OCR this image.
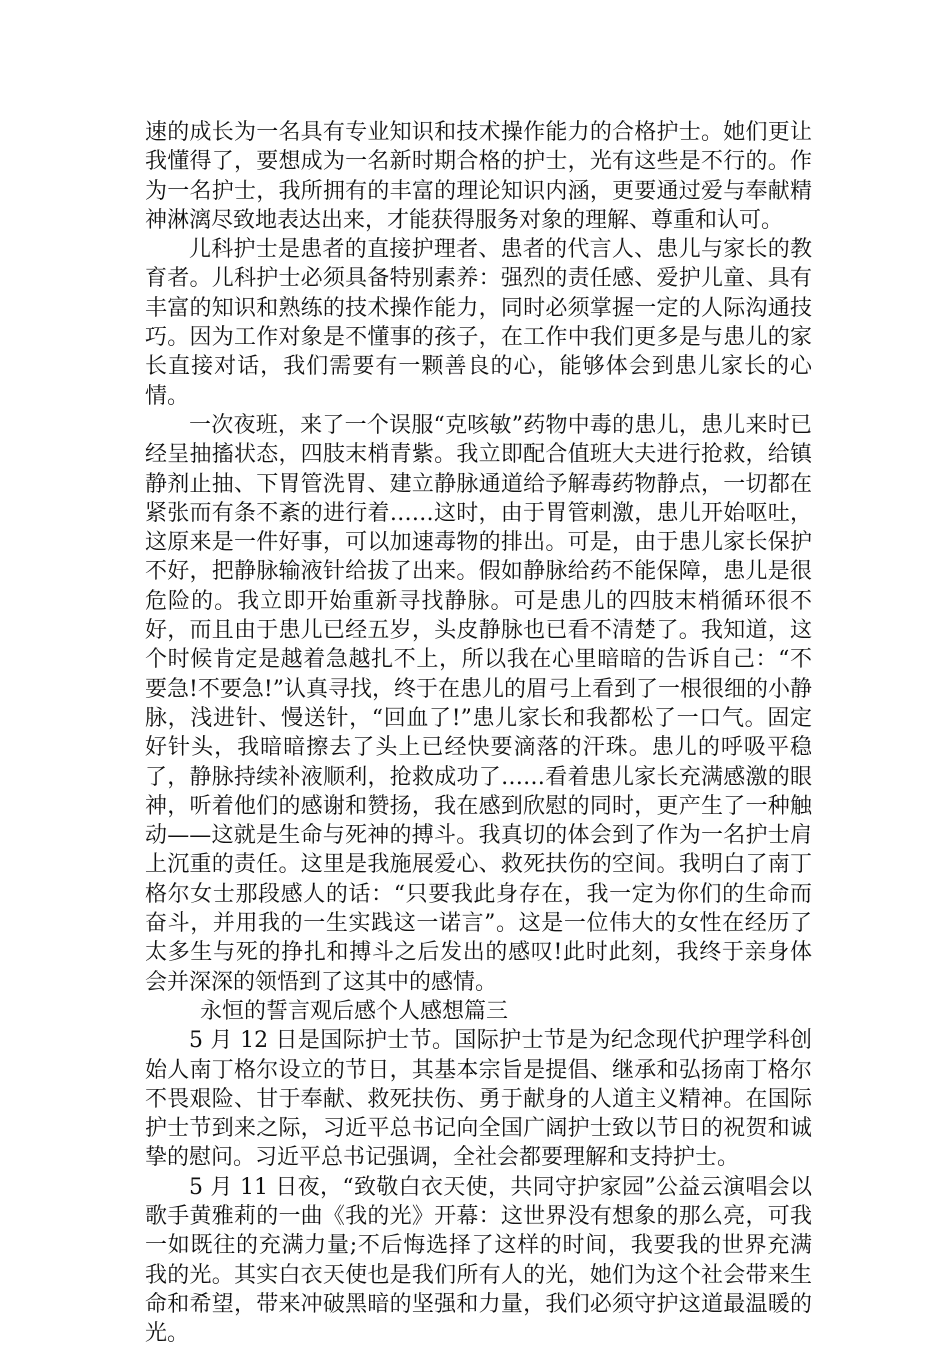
速的成长为一名具有专业知识和技术操作能力的合格护士。她们更让我懂得了，要想成为一名新时期合格的护士，光有这些是不行的。作为一名护士，我所拥有的丰富的理论知识内涵，更要通过爱与奉献精神淋漓尽致地表达出来，才能获得服务对象的理解、尊重和认可。

儿科护士是患者的直接护理者、患者的代言人、患儿与家长的教育者。儿科护士必须具备特别素养：强烈的责任感、爱护儿童、具有丰富的知识和熟练的技术操作能力，同时必须掌握一定的人际沟通技巧。因为工作对象是不懂事的孩子，在工作中我们更多是与患儿的家长直接对话，我们需要有一颗善良的心，能够体会到患儿家长的心情。

一次夜班，来了一个误服“克咳敏”药物中毒的患儿，患儿来时已经呈抽搐状态，四肢末梢青紫。我立即配合值班大夫进行抢救，给镇静剂止抽、下胃管洗胃、建立静脉通道给予解毒药物静点，一切都在紧张而有条不紊的进行着……这时，由于胃管刺激，患儿开始呕吐，这原来是一件好事，可以加速毒物的排出。可是，由于患儿家长保护不好，把静脉输液针给拔了出来。假如静脉给药不能保障，患儿是很危险的。我立即开始重新寻找静脉。可是患儿的四肢末梢循环很不好，而且由于患儿已经五岁，头皮静脉也已看不清楚了。我知道，这个时候肯定是越着急越扎不上，所以我在心里暗暗的告诉自己：“不要急!不要急!”认真寻找，终于在患儿的眉弓上看到了一根很细的小静脉，浅进针、慢送针，“回血了!”患儿家长和我都松了一口气。固定好针头，我暗暗擦去了头上已经快要滴落的汗珠。患儿的呼吸平稳了，静脉持续补液顺利，抢救成功了……看着患儿家长充满感激的眼神，听着他们的感谢和赞扬，我在感到欣慰的同时，更产生了一种触动——这就是生命与死神的搏斗。我真切的体会到了作为一名护士肩上沉重的责任。这里是我施展爱心、救死扶伤的空间。我明白了南丁格尔女士那段感人的话：“只要我此身存在，我一定为你们的生命而奋斗，并用我的一生实践这一诺言”。这是一位伟大的女性在经历了太多生与死的挣扎和搏斗之后发出的感叹!此时此刻，我终于亲身体会并深深的领悟到了这其中的感情。

永恒的誓言观后感个人感想篇三

5 月 12 日是国际护士节。国际护士节是为纪念现代护理学科创始人南丁格尔设立的节日，其基本宗旨是提倡、继承和弘扬南丁格尔不畏艰险、甘于奉献、救死扶伤、勇于献身的人道主义精神。在国际护士节到来之际，习近平总书记向全国广阔护士致以节日的祝贺和诚挚的慰问。习近平总书记强调，全社会都要理解和支持护士。

5 月 11 日夜，“致敬白衣天使，共同守护家园”公益云演唱会以歌手黄雅莉的一曲《我的光》开幕：这世界没有想象的那么亮，可我一如既往的充满力量;不后悔选择了这样的时间，我要我的世界充满我的光。其实白衣天使也是我们所有人的光，她们为这个社会带来生命和希望，带来冲破黑暗的坚强和力量，我们必须守护这道最温暖的光。
